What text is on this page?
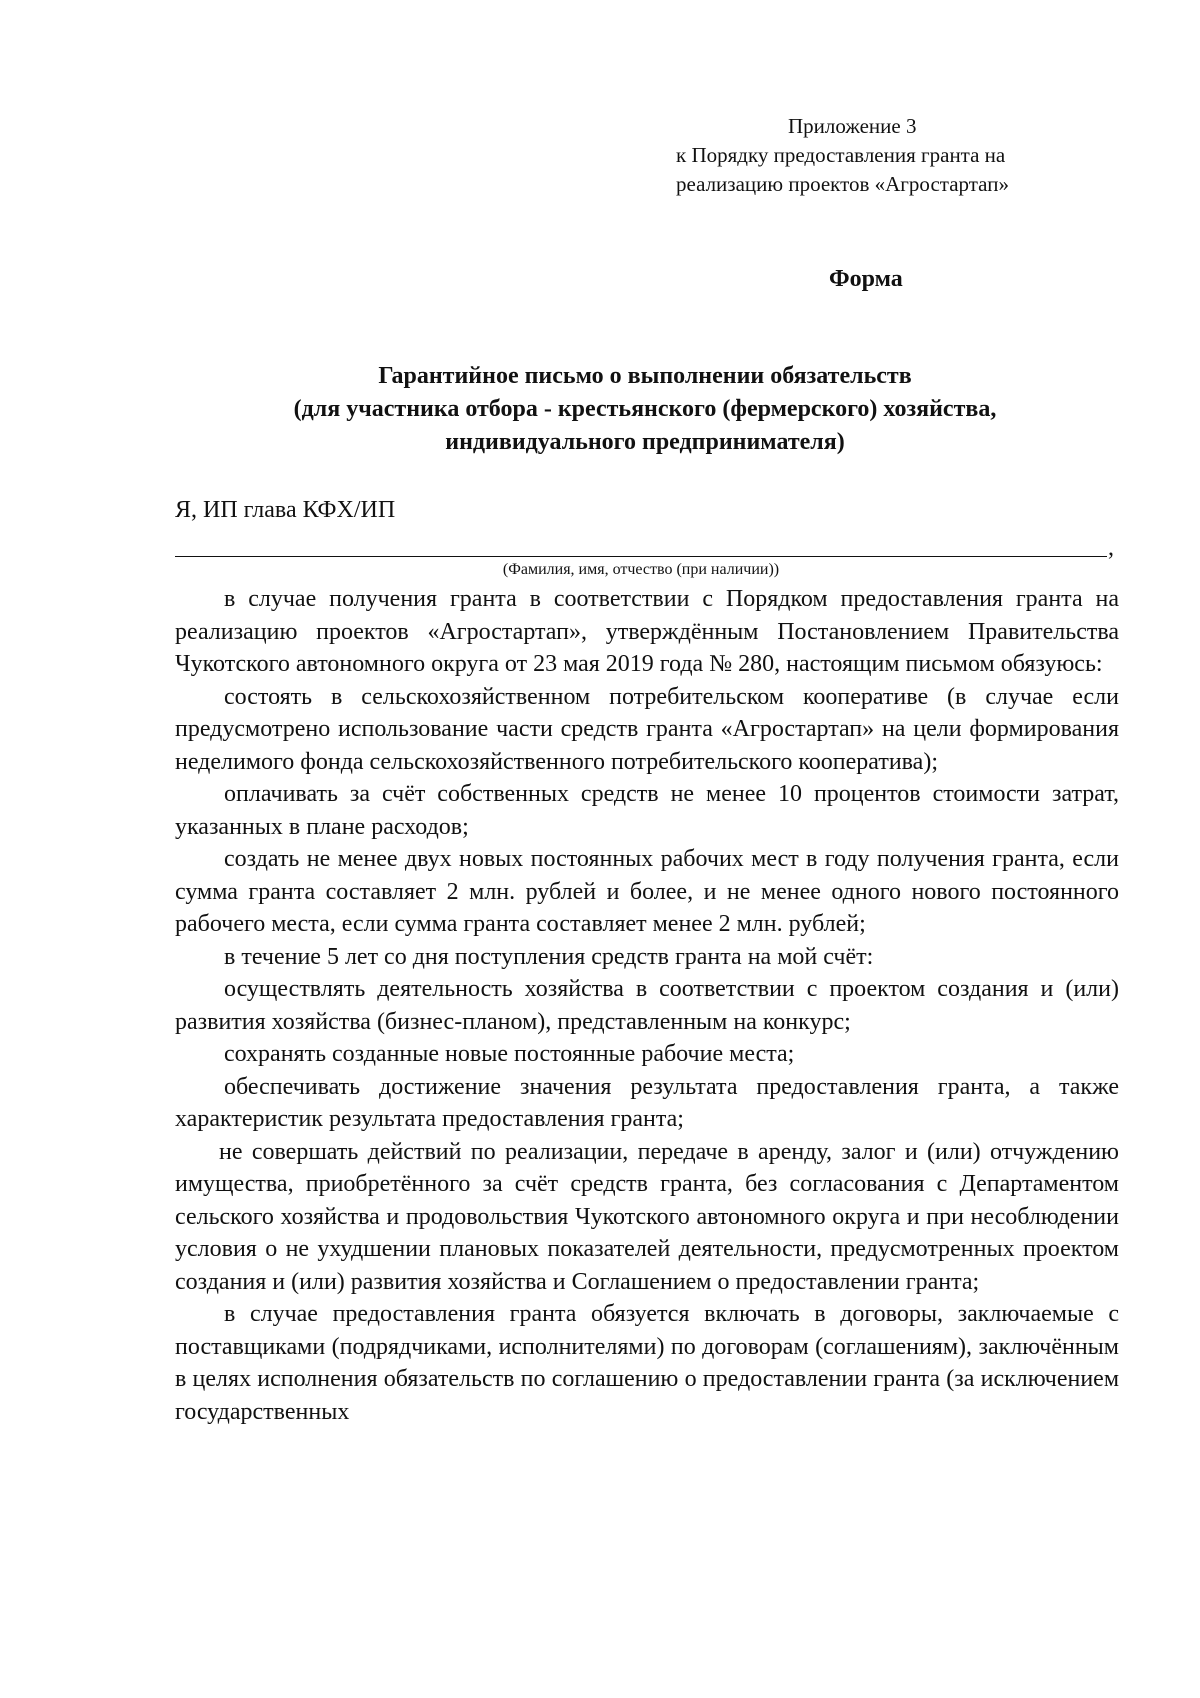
Приложение 3
к Порядку предоставления гранта на
реализацию проектов «Агростартап»
Форма
Гарантийное письмо о выполнении обязательств
(для участника отбора - крестьянского (фермерского) хозяйства,
индивидуального предпринимателя)
Я, ИП глава КФХ/ИП
,
(Фамилия, имя, отчество (при наличии))

в случае получения гранта в соответствии с Порядком предоставления гранта на реализацию проектов «Агростартап», утверждённым Постановлением Правительства Чукотского автономного округа от 23 мая 2019 года № 280, настоящим письмом обязуюсь:

состоять в сельскохозяйственном потребительском кооперативе (в случае если предусмотрено использование части средств гранта «Агростартап» на цели формирования неделимого фонда сельскохозяйственного потребительского кооператива);

оплачивать за счёт собственных средств не менее 10 процентов стоимости затрат, указанных в плане расходов;

создать не менее двух новых постоянных рабочих мест в году получения гранта, если сумма гранта составляет 2 млн. рублей и более, и не менее одного нового постоянного рабочего места, если сумма гранта составляет менее 2 млн. рублей;

в течение 5 лет со дня поступления средств гранта на мой счёт:

осуществлять деятельность хозяйства в соответствии с проектом создания и (или) развития хозяйства (бизнес-планом), представленным на конкурс;

сохранять созданные новые постоянные рабочие места;

обеспечивать достижение значения результата предоставления гранта, а также характеристик результата предоставления гранта;

не совершать действий по реализации, передаче в аренду, залог и (или) отчуждению имущества, приобретённого за счёт средств гранта, без согласования с Департаментом сельского хозяйства и продовольствия Чукотского автономного округа и при несоблюдении условия о не ухудшении плановых показателей деятельности, предусмотренных проектом создания и (или) развития хозяйства и Соглашением о предоставлении гранта;

в случае предоставления гранта обязуется включать в договоры, заключаемые с поставщиками (подрядчиками, исполнителями) по договорам (соглашениям), заключённым в целях исполнения обязательств по соглашению о предоставлении гранта (за исключением государственных
